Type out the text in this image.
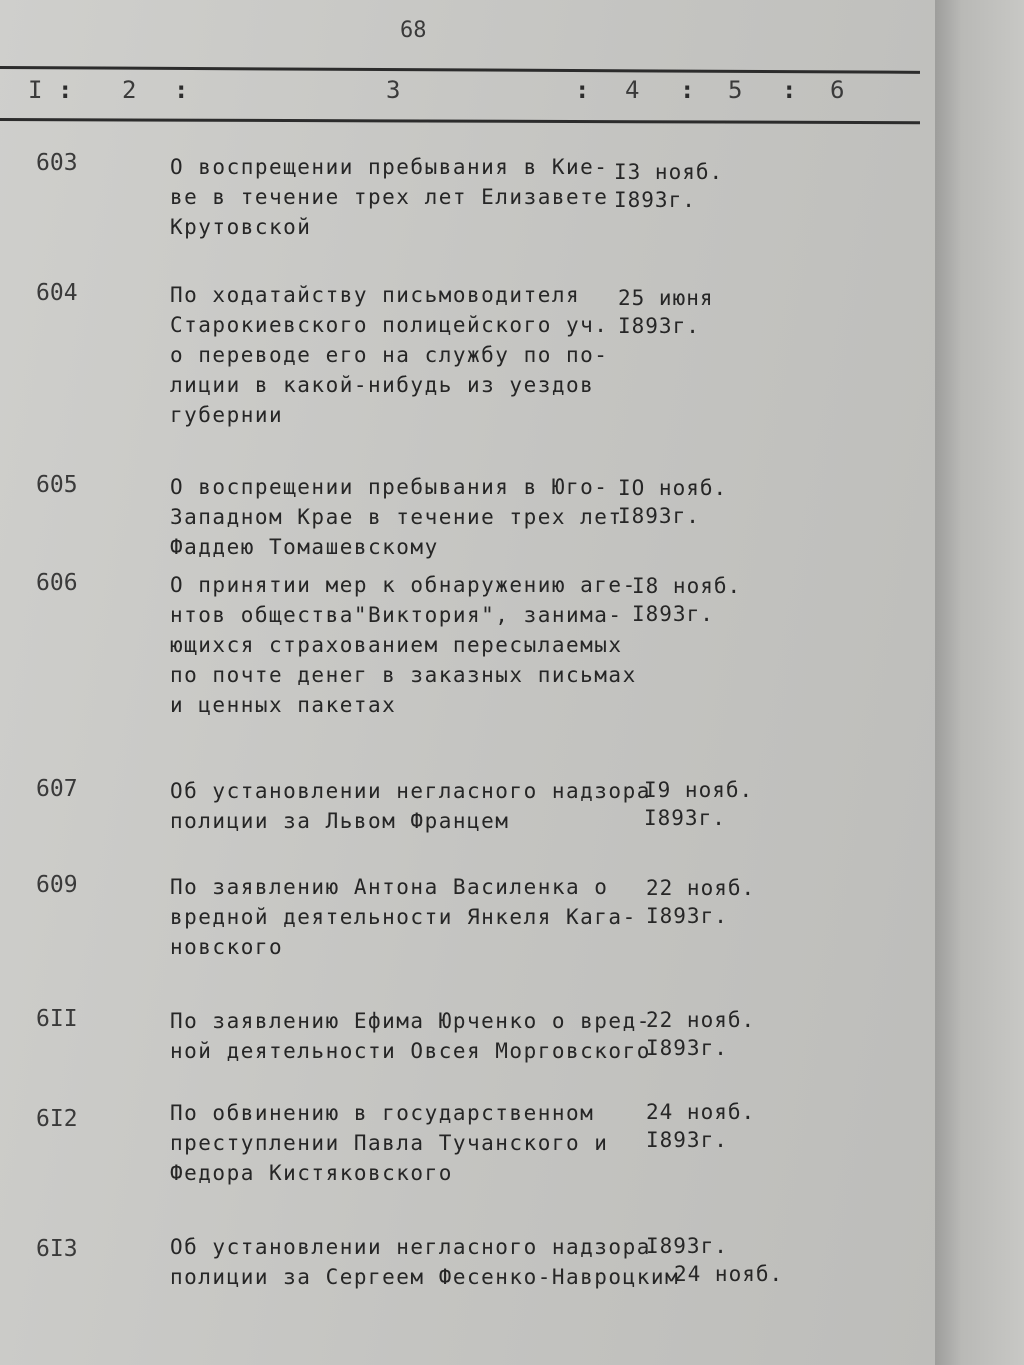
68
I : 2 :	3	: 4 : 5 : 6
603	О воспрещении пребывания в Кие-
ве в течение трех лет Елизавете
Крутовской
I3 нояб.
I893г.
604	По ходатайству письмоводителя
Старокиевского полицейского уч.
о переводе его на службу по по-
лиции в какой-нибудь из уездов
губернии
25 июня
I893г.
605	О воспрещении пребывания в Юго-
Западном Крае в течение трех лет
Фаддею Томашевскому
IO нояб.
I893г.
606	О принятии мер к обнаружению аге-
нтов общества"Виктория", занима-
ющихся страхованием пересылаемых
по почте денег в заказных письмах
и ценных пакетах
I8 нояб.
I893г.
607	Об установлении негласного надзора
полиции за Львом Францем
I9 нояб.
I893г.
609	По заявлению Антона Василенка о
вредной деятельности Янкеля Кага-
новского
22 нояб.
I893г.
6II	По заявлению Ефима Юрченко о вред-
ной деятельности Овсея Морговского
22 нояб.
I893г.
6I2	По обвинению в государственном
преступлении Павла Тучанского и
Федора Кистяковского
24 нояб.
I893г.
6I3	Об установлении негласного надзора
полиции за Сергеем Фесенко-Навроцким
I893г.
24 нояб.
